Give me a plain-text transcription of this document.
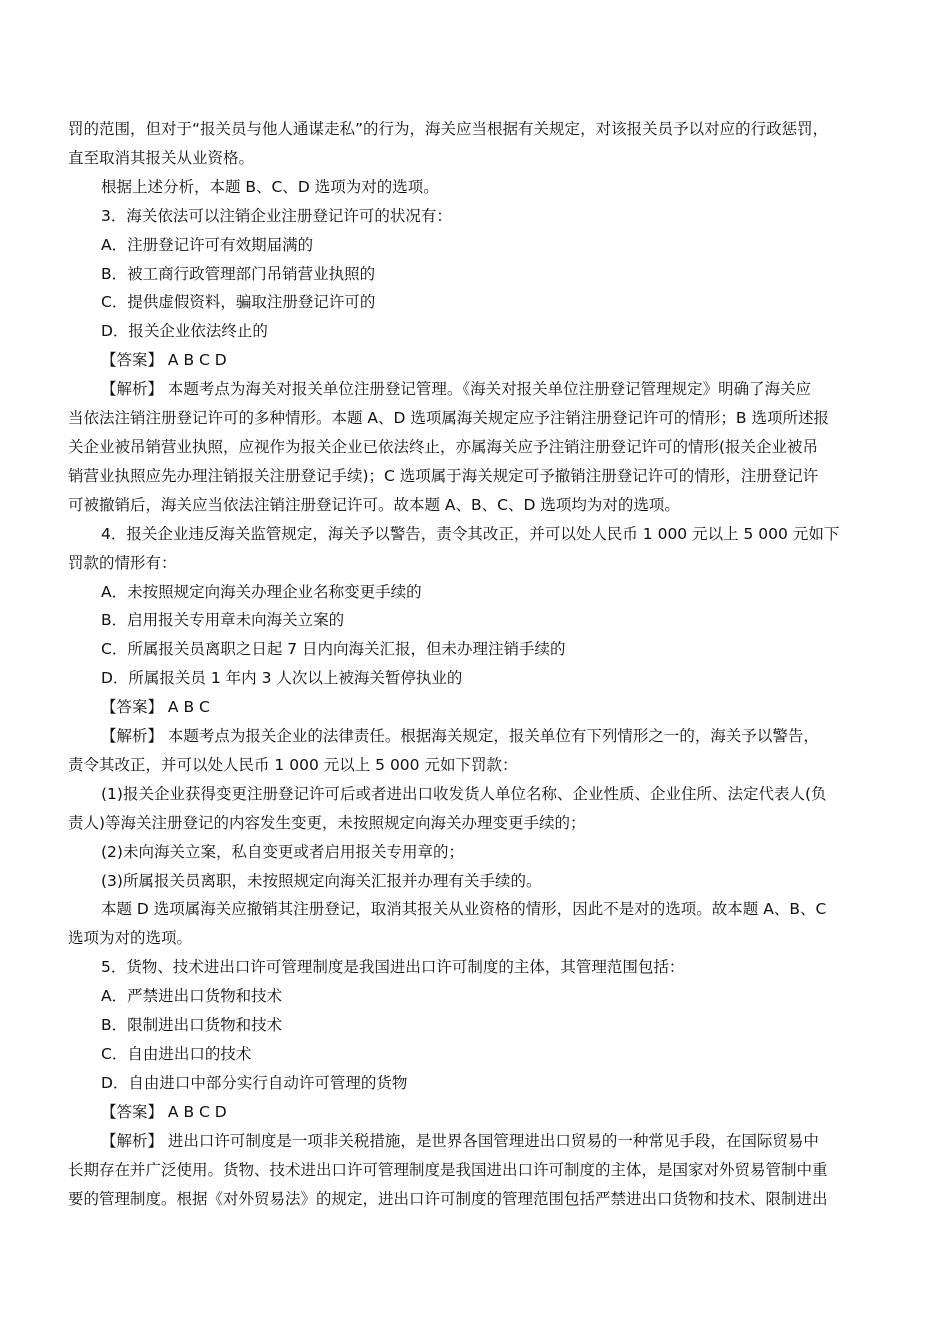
罚的范围，但对于“报关员与他人通谋走私”的行为，海关应当根据有关规定，对该报关员予以对应的行政惩罚，

直至取消其报关从业资格。

根据上述分析，本题 B、C、D 选项为对的选项。

3．海关依法可以注销企业注册登记许可的状况有：

A．注册登记许可有效期届满的

B．被工商行政管理部门吊销营业执照的

C．提供虚假资料，骗取注册登记许可的

D．报关企业依法终止的

【答案】 A B C D

【解析】 本题考点为海关对报关单位注册登记管理。《海关对报关单位注册登记管理规定》明确了海关应

当依法注销注册登记许可的多种情形。本题 A、D 选项属海关规定应予注销注册登记许可的情形；B 选项所述报

关企业被吊销营业执照，应视作为报关企业已依法终止，亦属海关应予注销注册登记许可的情形(报关企业被吊

销营业执照应先办理注销报关注册登记手续)；C 选项属于海关规定可予撤销注册登记许可的情形，注册登记许

可被撤销后，海关应当依法注销注册登记许可。故本题 A、B、C、D 选项均为对的选项。

4．报关企业违反海关监管规定，海关予以警告，责令其改正，并可以处人民币 1 000 元以上 5 000 元如下

罚款的情形有：

A．未按照规定向海关办理企业名称变更手续的

B．启用报关专用章未向海关立案的

C．所属报关员离职之日起 7 日内向海关汇报，但未办理注销手续的

D．所属报关员 1 年内 3 人次以上被海关暂停执业的

【答案】 A B C

【解析】 本题考点为报关企业的法律责任。根据海关规定，报关单位有下列情形之一的，海关予以警告，

责令其改正，并可以处人民币 1 000 元以上 5 000 元如下罚款：

(1)报关企业获得变更注册登记许可后或者进出口收发货人单位名称、企业性质、企业住所、法定代表人(负

责人)等海关注册登记的内容发生变更，未按照规定向海关办理变更手续的；

(2)未向海关立案，私自变更或者启用报关专用章的；

(3)所属报关员离职，未按照规定向海关汇报并办理有关手续的。

本题 D 选项属海关应撤销其注册登记，取消其报关从业资格的情形，因此不是对的选项。故本题 A、B、C

选项为对的选项。

5．货物、技术进出口许可管理制度是我国进出口许可制度的主体，其管理范围包括：

A．严禁进出口货物和技术

B．限制进出口货物和技术

C．自由进出口的技术

D．自由进口中部分实行自动许可管理的货物

【答案】 A B C D

【解析】 进出口许可制度是一项非关税措施，是世界各国管理进出口贸易的一种常见手段，在国际贸易中

长期存在并广泛使用。货物、技术进出口许可管理制度是我国进出口许可制度的主体，是国家对外贸易管制中重

要的管理制度。根据《对外贸易法》的规定，进出口许可制度的管理范围包括严禁进出口货物和技术、限制进出
